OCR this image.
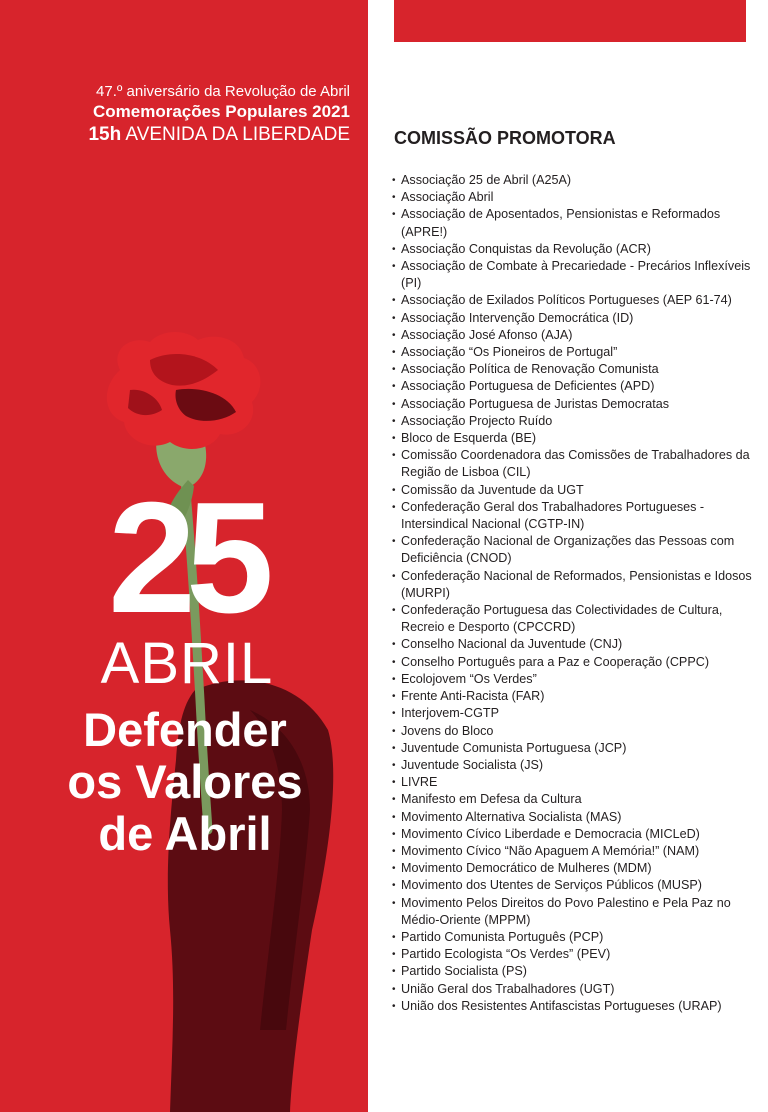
47.º aniversário da Revolução de Abril
Comemorações Populares 2021
15h AVENIDA DA LIBERDADE
25
ABRIL
Defender
os Valores
de Abril
COMISSÃO PROMOTORA
• Associação 25 de Abril (A25A)
• Associação Abril
• Associação de Aposentados, Pensionistas e Reformados (APRE!)
• Associação Conquistas da Revolução (ACR)
• Associação de Combate à Precariedade - Precários Inflexíveis (PI)
• Associação de Exilados Políticos Portugueses (AEP 61-74)
• Associação Intervenção Democrática (ID)
• Associação José Afonso (AJA)
• Associação “Os Pioneiros de Portugal”
• Associação Política de Renovação Comunista
• Associação Portuguesa de Deficientes (APD)
• Associação Portuguesa de Juristas Democratas
• Associação Projecto Ruído
• Bloco de Esquerda (BE)
• Comissão Coordenadora das Comissões de Trabalhadores da Região de Lisboa (CIL)
• Comissão da Juventude da UGT
• Confederação Geral dos Trabalhadores Portugueses - Intersindical Nacional (CGTP-IN)
• Confederação Nacional de Organizações das Pessoas com Deficiência (CNOD)
• Confederação Nacional de Reformados, Pensionistas e Idosos (MURPI)
• Confederação Portuguesa das Colectividades de Cultura, Recreio e Desporto (CPCCRD)
• Conselho Nacional da Juventude (CNJ)
• Conselho Português para a Paz e Cooperação (CPPC)
• Ecolojovem “Os Verdes”
• Frente Anti-Racista (FAR)
• Interjovem-CGTP
• Jovens do Bloco
• Juventude Comunista Portuguesa (JCP)
• Juventude Socialista (JS)
• LIVRE
• Manifesto em Defesa da Cultura
• Movimento Alternativa Socialista (MAS)
• Movimento Cívico Liberdade e Democracia (MICLeD)
• Movimento Cívico “Não Apaguem A Memória!” (NAM)
• Movimento Democrático de Mulheres (MDM)
• Movimento dos Utentes de Serviços Públicos (MUSP)
• Movimento Pelos Direitos do Povo Palestino e Pela Paz no Médio-Oriente (MPPM)
• Partido Comunista Português (PCP)
• Partido Ecologista “Os Verdes” (PEV)
• Partido Socialista (PS)
• União Geral dos Trabalhadores (UGT)
• União dos Resistentes Antifascistas Portugueses (URAP)
